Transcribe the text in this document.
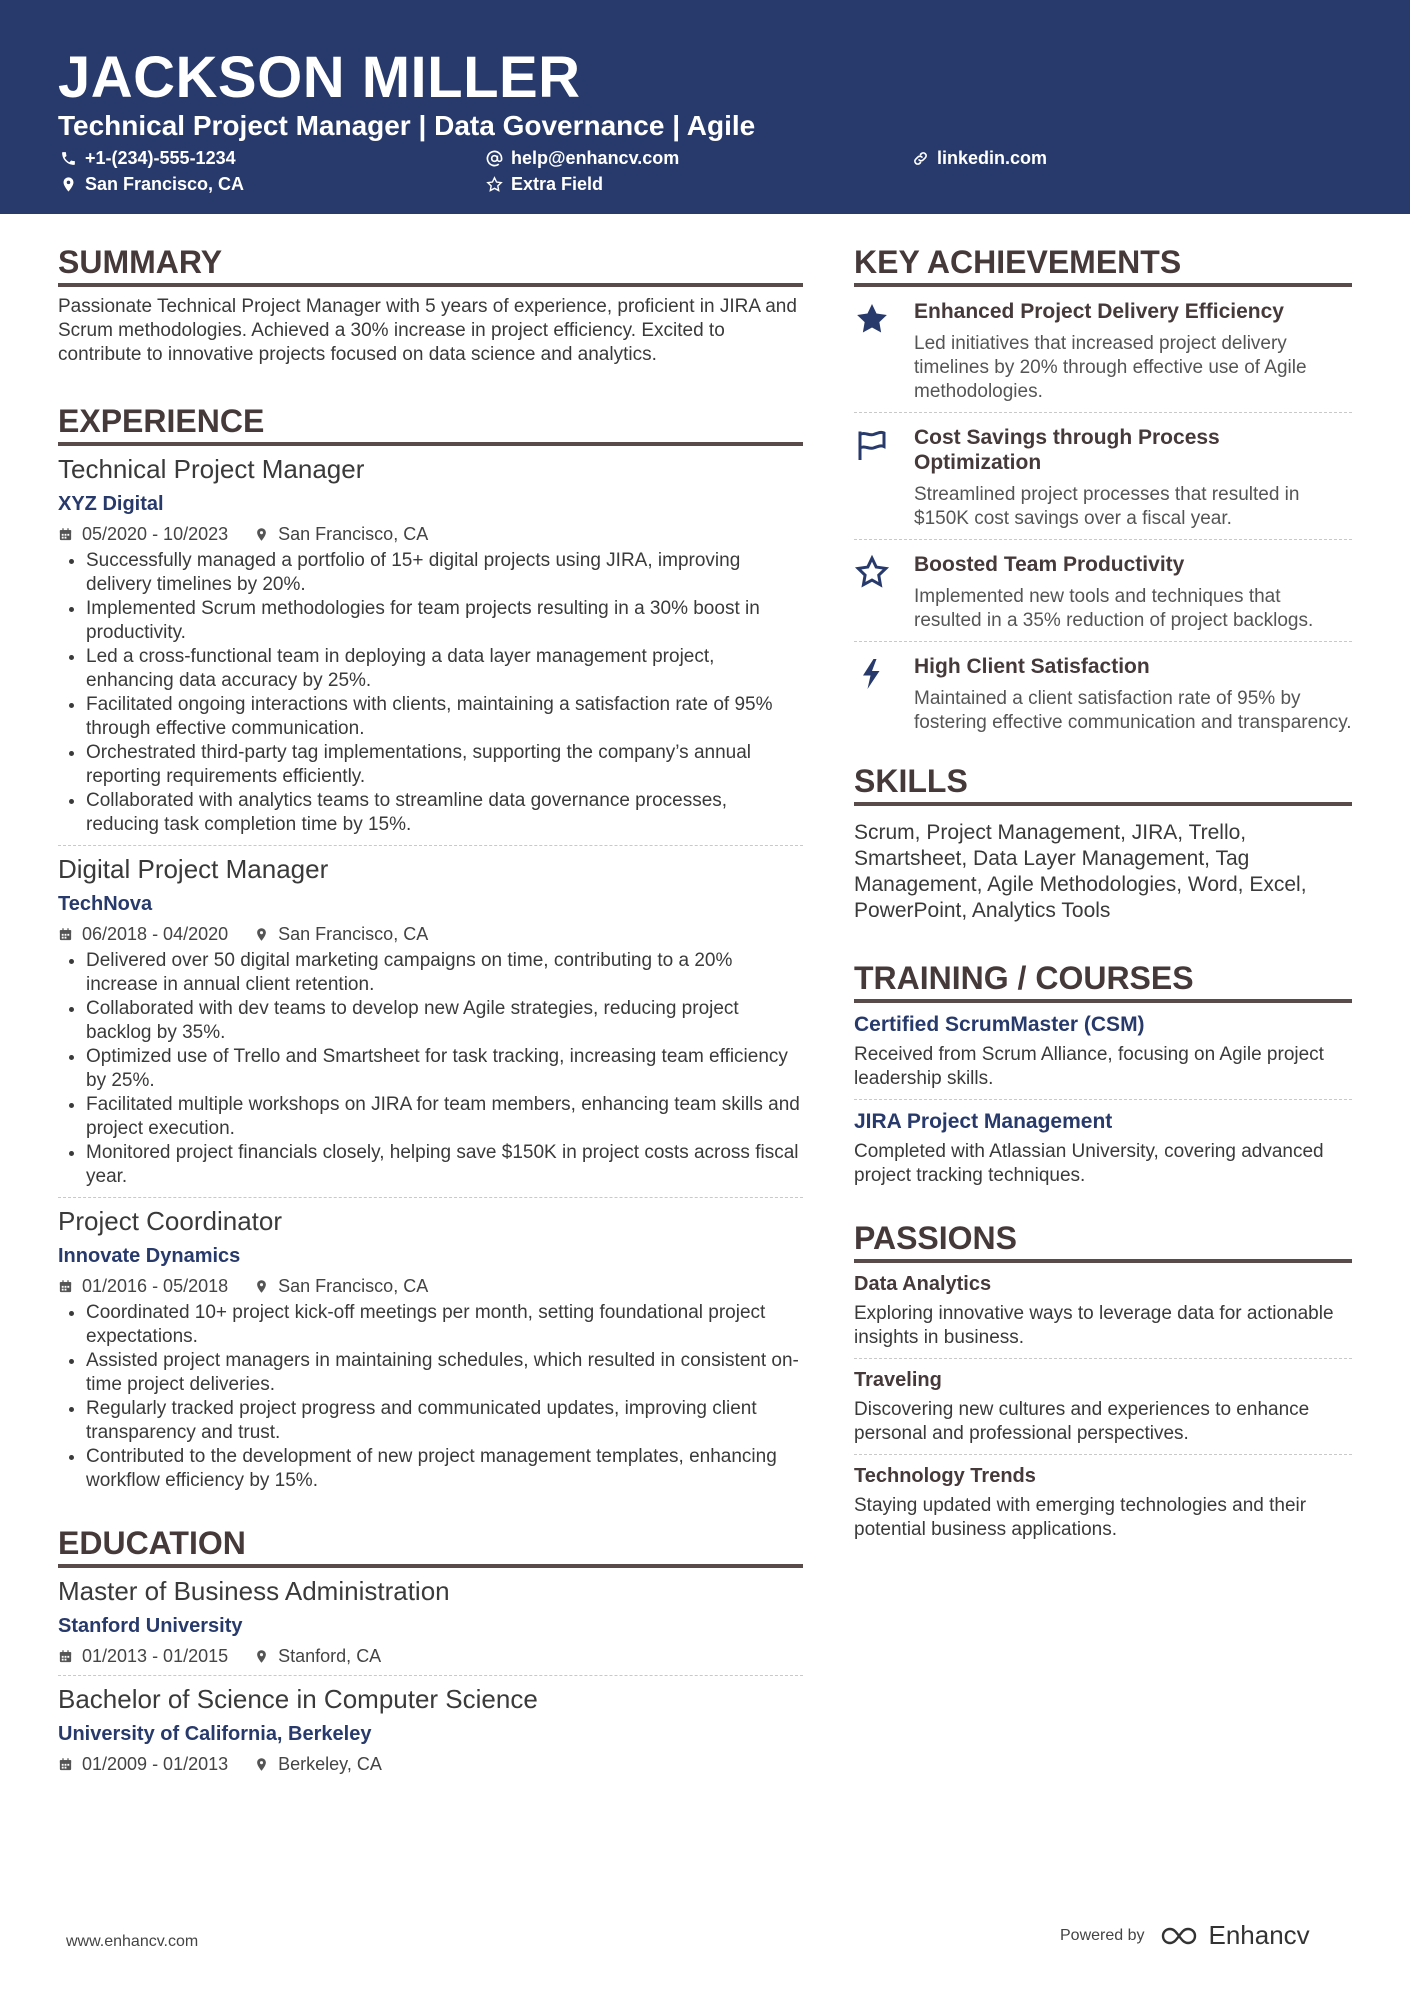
JACKSON MILLER
Technical Project Manager | Data Governance | Agile
+1-(234)-555-1234	help@enhancv.com	linkedin.com
San Francisco, CA	Extra Field
SUMMARY
Passionate Technical Project Manager with 5 years of experience, proficient in JIRA and Scrum methodologies. Achieved a 30% increase in project efficiency. Excited to contribute to innovative projects focused on data science and analytics.
EXPERIENCE
Technical Project Manager
XYZ Digital
05/2020 - 10/2023	San Francisco, CA
• Successfully managed a portfolio of 15+ digital projects using JIRA, improving delivery timelines by 20%.
• Implemented Scrum methodologies for team projects resulting in a 30% boost in productivity.
• Led a cross-functional team in deploying a data layer management project, enhancing data accuracy by 25%.
• Facilitated ongoing interactions with clients, maintaining a satisfaction rate of 95% through effective communication.
• Orchestrated third-party tag implementations, supporting the company’s annual reporting requirements efficiently.
• Collaborated with analytics teams to streamline data governance processes, reducing task completion time by 15%.
Digital Project Manager
TechNova
06/2018 - 04/2020	San Francisco, CA
• Delivered over 50 digital marketing campaigns on time, contributing to a 20% increase in annual client retention.
• Collaborated with dev teams to develop new Agile strategies, reducing project backlog by 35%.
• Optimized use of Trello and Smartsheet for task tracking, increasing team efficiency by 25%.
• Facilitated multiple workshops on JIRA for team members, enhancing team skills and project execution.
• Monitored project financials closely, helping save $150K in project costs across fiscal year.
Project Coordinator
Innovate Dynamics
01/2016 - 05/2018	San Francisco, CA
• Coordinated 10+ project kick-off meetings per month, setting foundational project expectations.
• Assisted project managers in maintaining schedules, which resulted in consistent on-time project deliveries.
• Regularly tracked project progress and communicated updates, improving client transparency and trust.
• Contributed to the development of new project management templates, enhancing workflow efficiency by 15%.
EDUCATION
Master of Business Administration
Stanford University
01/2013 - 01/2015	Stanford, CA
Bachelor of Science in Computer Science
University of California, Berkeley
01/2009 - 01/2013	Berkeley, CA
KEY ACHIEVEMENTS
Enhanced Project Delivery Efficiency
Led initiatives that increased project delivery timelines by 20% through effective use of Agile methodologies.
Cost Savings through Process Optimization
Streamlined project processes that resulted in $150K cost savings over a fiscal year.
Boosted Team Productivity
Implemented new tools and techniques that resulted in a 35% reduction of project backlogs.
High Client Satisfaction
Maintained a client satisfaction rate of 95% by fostering effective communication and transparency.
SKILLS
Scrum, Project Management, JIRA, Trello, Smartsheet, Data Layer Management, Tag Management, Agile Methodologies, Word, Excel, PowerPoint, Analytics Tools
TRAINING / COURSES
Certified ScrumMaster (CSM)
Received from Scrum Alliance, focusing on Agile project leadership skills.
JIRA Project Management
Completed with Atlassian University, covering advanced project tracking techniques.
PASSIONS
Data Analytics
Exploring innovative ways to leverage data for actionable insights in business.
Traveling
Discovering new cultures and experiences to enhance personal and professional perspectives.
Technology Trends
Staying updated with emerging technologies and their potential business applications.
www.enhancv.com	Powered by Enhancv
